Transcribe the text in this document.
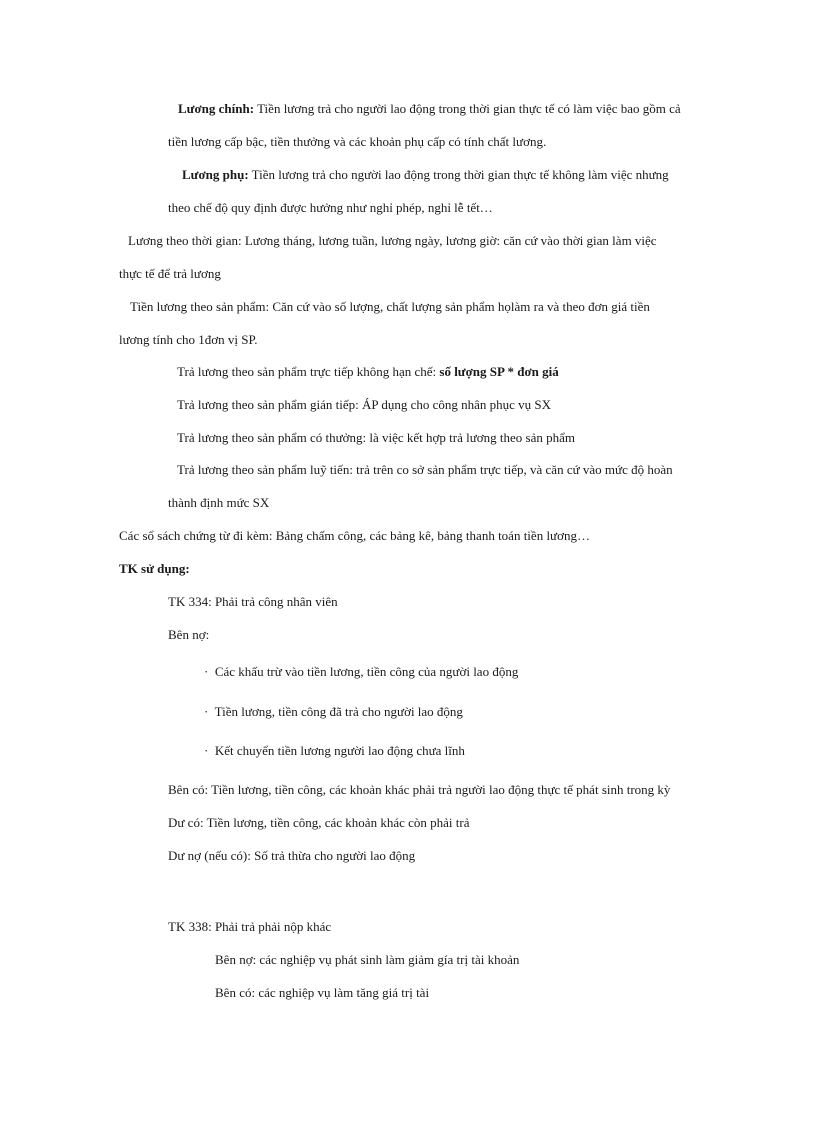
Lương chính: Tiền lương trả cho người lao động trong thời gian thực tế có làm việc bao gồm cả
tiền lương cấp bậc, tiền thưởng và các khoản phụ cấp có tính chất lương.
Lương phụ: Tiền lương trả cho người lao động trong thời gian thực tế không làm việc nhưng
theo chế độ quy định được hưởng như nghỉ phép, nghỉ lễ tết…
Lương theo thời gian: Lương tháng, lương tuần, lương ngày, lương giờ: căn cứ vào thời gian làm việc
thực tế để trả lương
Tiền lương theo sản phẩm: Căn cứ vào số lượng, chất lượng sản phẩm họlàm ra và theo đơn giá tiền
lương tính cho 1đơn vị SP.
Trả lương theo sản phẩm trực tiếp không hạn chế: số lượng SP * đơn giá
Trả lương theo sản phẩm gián tiếp: ÁP dụng cho công nhân phục vụ SX
Trả lương theo sản phẩm có thưởng: là việc kết hợp trả lương theo sản phẩm
Trả lương theo sản phẩm luỹ tiến: trả trên co sở sản phẩm trực tiếp, và căn cứ vào mức độ hoàn
thành định mức SX
Các sổ sách chứng từ đi kèm: Bảng chấm công, các bảng kê, bảng thanh toán tiền lương…
TK sử dụng:
TK 334: Phải trả công nhân viên
Bên nợ:
· Các khấu trừ vào tiền lương, tiền công của người lao động
· Tiền lương, tiền công đã trả cho người lao động
· Kết chuyển tiền lương người lao động chưa lĩnh
Bên có: Tiền lương, tiền công, các khoản khác phải trả người lao động thực tế phát sinh trong kỳ
Dư có: Tiền lương, tiền công, các khoản khác còn phải trả
Dư nợ (nếu có): Số trả thừa cho người lao động
TK 338: Phải trả phải nộp khác
Bên nợ: các nghiệp vụ phát sinh làm giảm gía trị tài khoản
Bên có: các nghiệp vụ làm tăng giá trị tài
